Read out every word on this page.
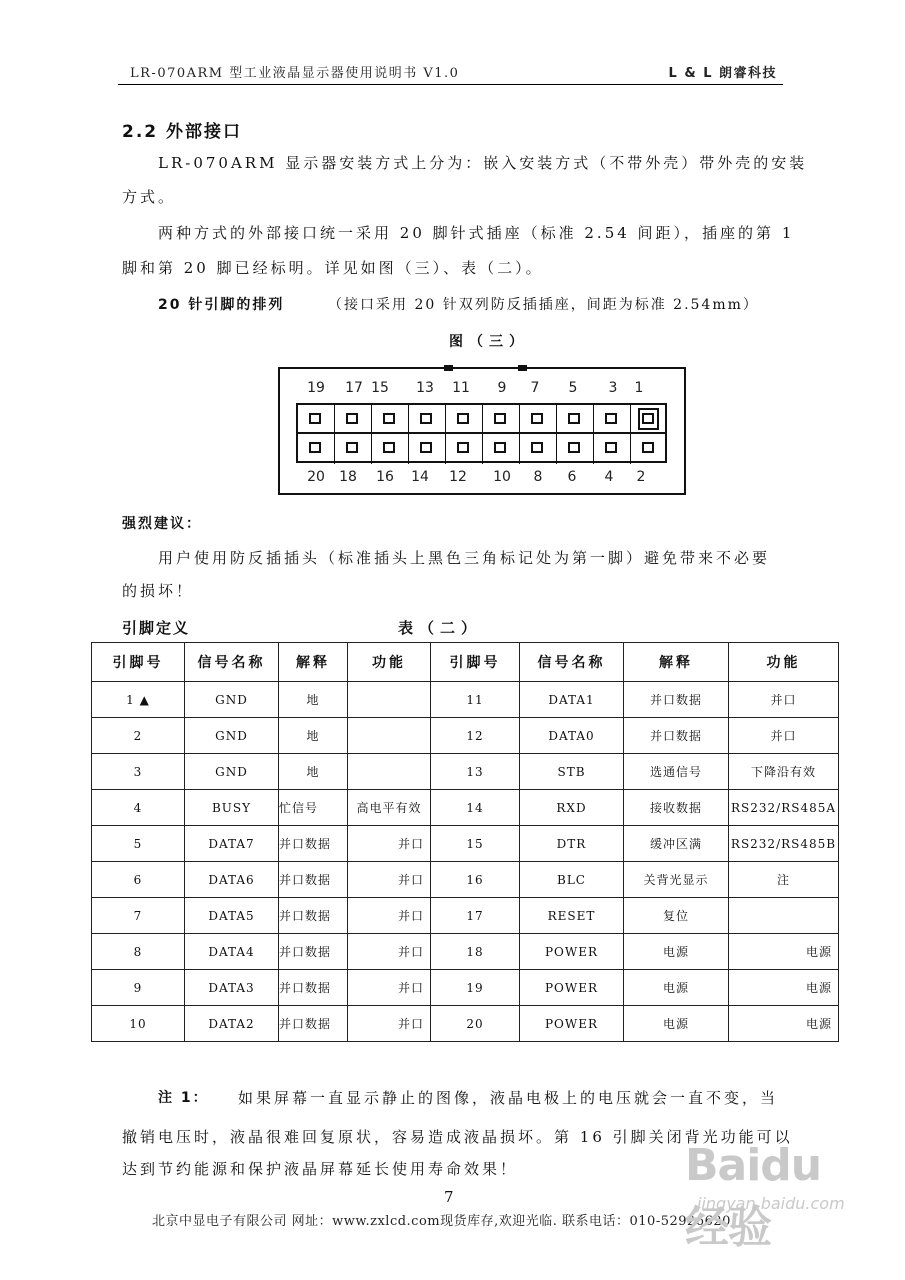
LR-070ARM 型工业液晶显示器使用说明书 V1.0	L & L 朗睿科技
2.2 外部接口
LR-070ARM 显示器安装方式上分为：嵌入安装方式（不带外壳）带外壳的安装
方式。
两种方式的外部接口统一采用 20 脚针式插座（标准 2.54 间距），插座的第 1
脚和第 20 脚已经标明。详见如图（三）、表（二）。
20 针引脚的排列	（接口采用 20 针双列防反插插座，间距为标准 2.54mm）
图（三）
19	17 15	13	11	9	7	5	3	1
20	18	16	14	12	10	8	6	4	2
强烈建议：
用户使用防反插插头（标准插头上黑色三角标记处为第一脚）避免带来不必要
的损坏！
引脚定义	表（二）
引脚号	信号名称	解释	功能	引脚号	信号名称	解释	功能
1 ▲	GND	地		11	DATA1	并口数据	并口
2	GND	地		12	DATA0	并口数据	并口
3	GND	地		13	STB	选通信号	下降沿有效
4	BUSY	忙信号	高电平有效	14	RXD	接收数据	RS232/RS485A
5	DATA7	并口数据	并口	15	DTR	缓冲区满	RS232/RS485B
6	DATA6	并口数据	并口	16	BLC	关背光显示	注
7	DATA5	并口数据	并口	17	RESET	复位	
8	DATA4	并口数据	并口	18	POWER	电源	电源
9	DATA3	并口数据	并口	19	POWER	电源	电源
10	DATA2	并口数据	并口	20	POWER	电源	电源
注 1： 如果屏幕一直显示静止的图像，液晶电极上的电压就会一直不变，当
撤销电压时，液晶很难回复原状，容易造成液晶损坏。第 16 引脚关闭背光功能可以
达到节约能源和保护液晶屏幕延长使用寿命效果！
7
北京中显电子有限公司 网址：www.zxlcd.com现货库存,欢迎光临. 联系电话：010-52926620
Baidu经验
jingyan.baidu.com
